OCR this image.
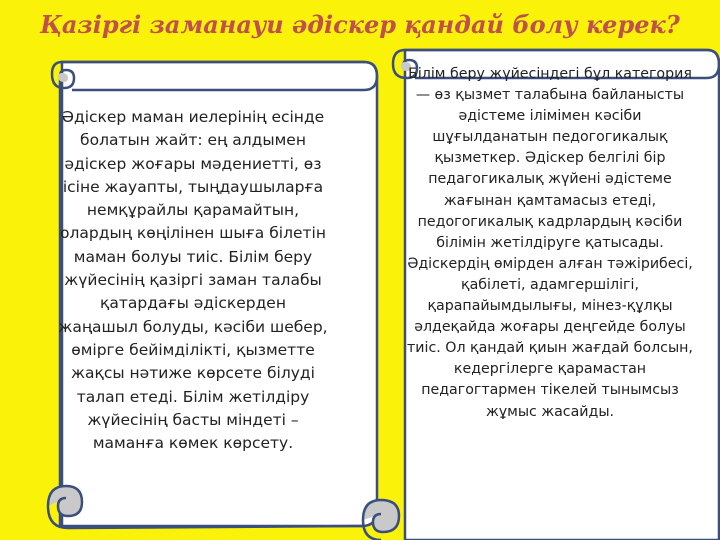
Қазіргі заманауи әдіскер қандай болу керек?
Әдіскер маман иелерінің есінде болатын жайт: ең алдымен әдіскер жоғары мәдениетті, өз ісіне жауапты, тыңдаушыларға немқұрайлы қарамайтын, олардың көңілінен шыға білетін маман болуы тиіс. Білім беру жүйесінің қазіргі заман талабы қатардағы әдіскерден жаңашыл болуды, кәсіби шебер, өмірге бейімділікті, қызметте жақсы нәтиже көрсете білуді талап етеді. Білім жетілдіру жүйесінің басты міндеті – маманға көмек көрсету.
Білім беру жүйесіндегі бұл категория — өз қызмет талабына байланысты әдістеме ілімімен кәсіби шұғылданатын педогогикалық қызметкер. Әдіскер белгілі бір педагогикалық жүйені әдістеме жағынан қамтамасыз етеді, педогогикалық кадрлардың кәсіби білімін жетілдіруге қатысады. Әдіскердің өмірден алған тәжірибесі, қабілеті, адамгершілігі, қарапайымдылығы, мінез-құлқы әлдеқайда жоғары деңгейде болуы тиіс. Ол қандай қиын жағдай болсын, кедергілерге қарамастан педагогтармен тікелей тынымсыз жұмыс жасайды.
